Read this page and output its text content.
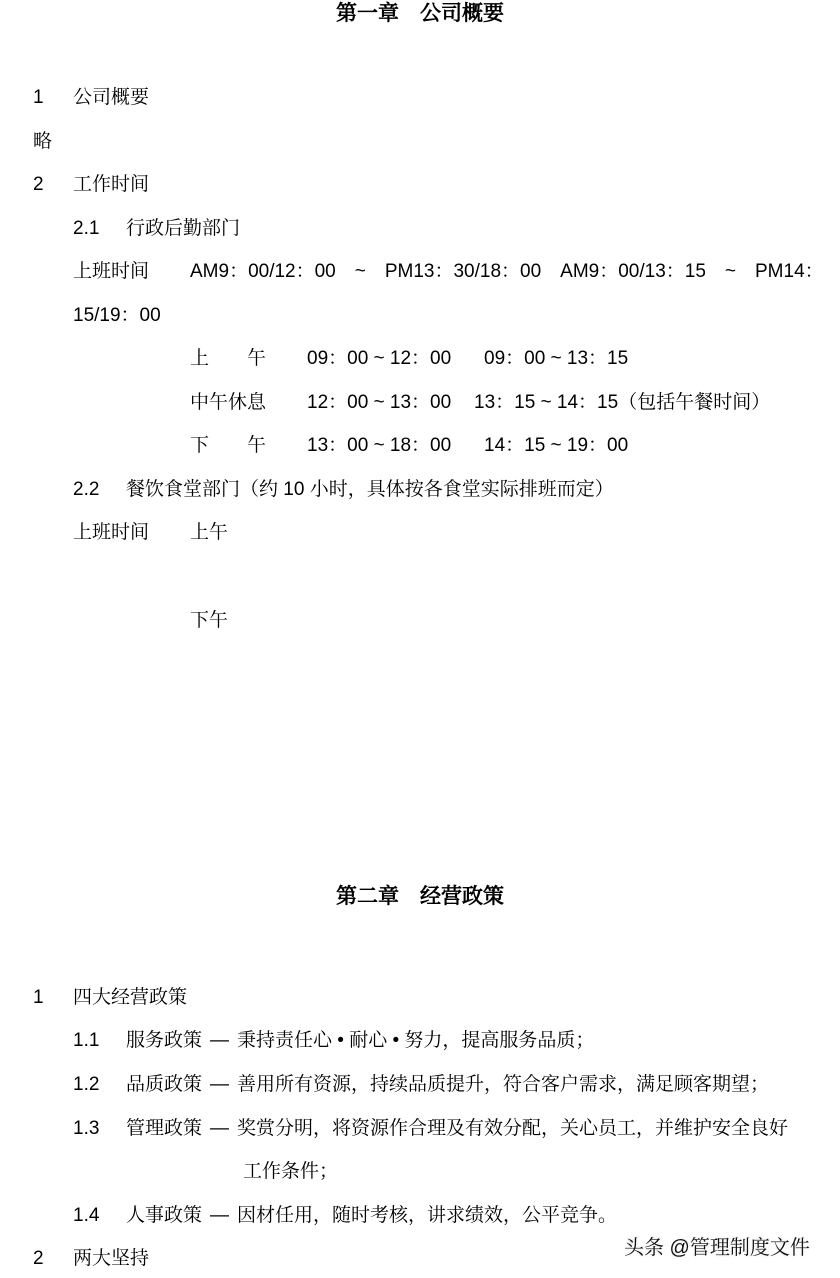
第一章　公司概要
1 公司概要
略
2 工作时间
2.1 行政后勤部门
上班时间 AM9：00/12：00　~　PM13：30/18：00　AM9：00/13：15　~　PM14：
15/19：00
上　　午 09：00 ~ 12：00 09：00 ~ 13：15
中午休息 12：00 ~ 13：00 13：15 ~ 14：15（包括午餐时间）
下　　午 13：00 ~ 18：00 14：15 ~ 19：00
2.2 餐饮食堂部门（约 10 小时，具体按各食堂实际排班而定）
上班时间 上午
下午
第二章　经营政策
1 四大经营政策
1.1 服务政策 — 秉持责任心 • 耐心 • 努力，提高服务品质；
1.2 品质政策 — 善用所有资源，持续品质提升，符合客户需求，满足顾客期望；
1.3 管理政策 — 奖赏分明，将资源作合理及有效分配，关心员工，并维护安全良好
工作条件；
1.4 人事政策 — 因材任用，随时考核，讲求绩效，公平竞争。
2 两大坚持	头条 @管理制度文件
